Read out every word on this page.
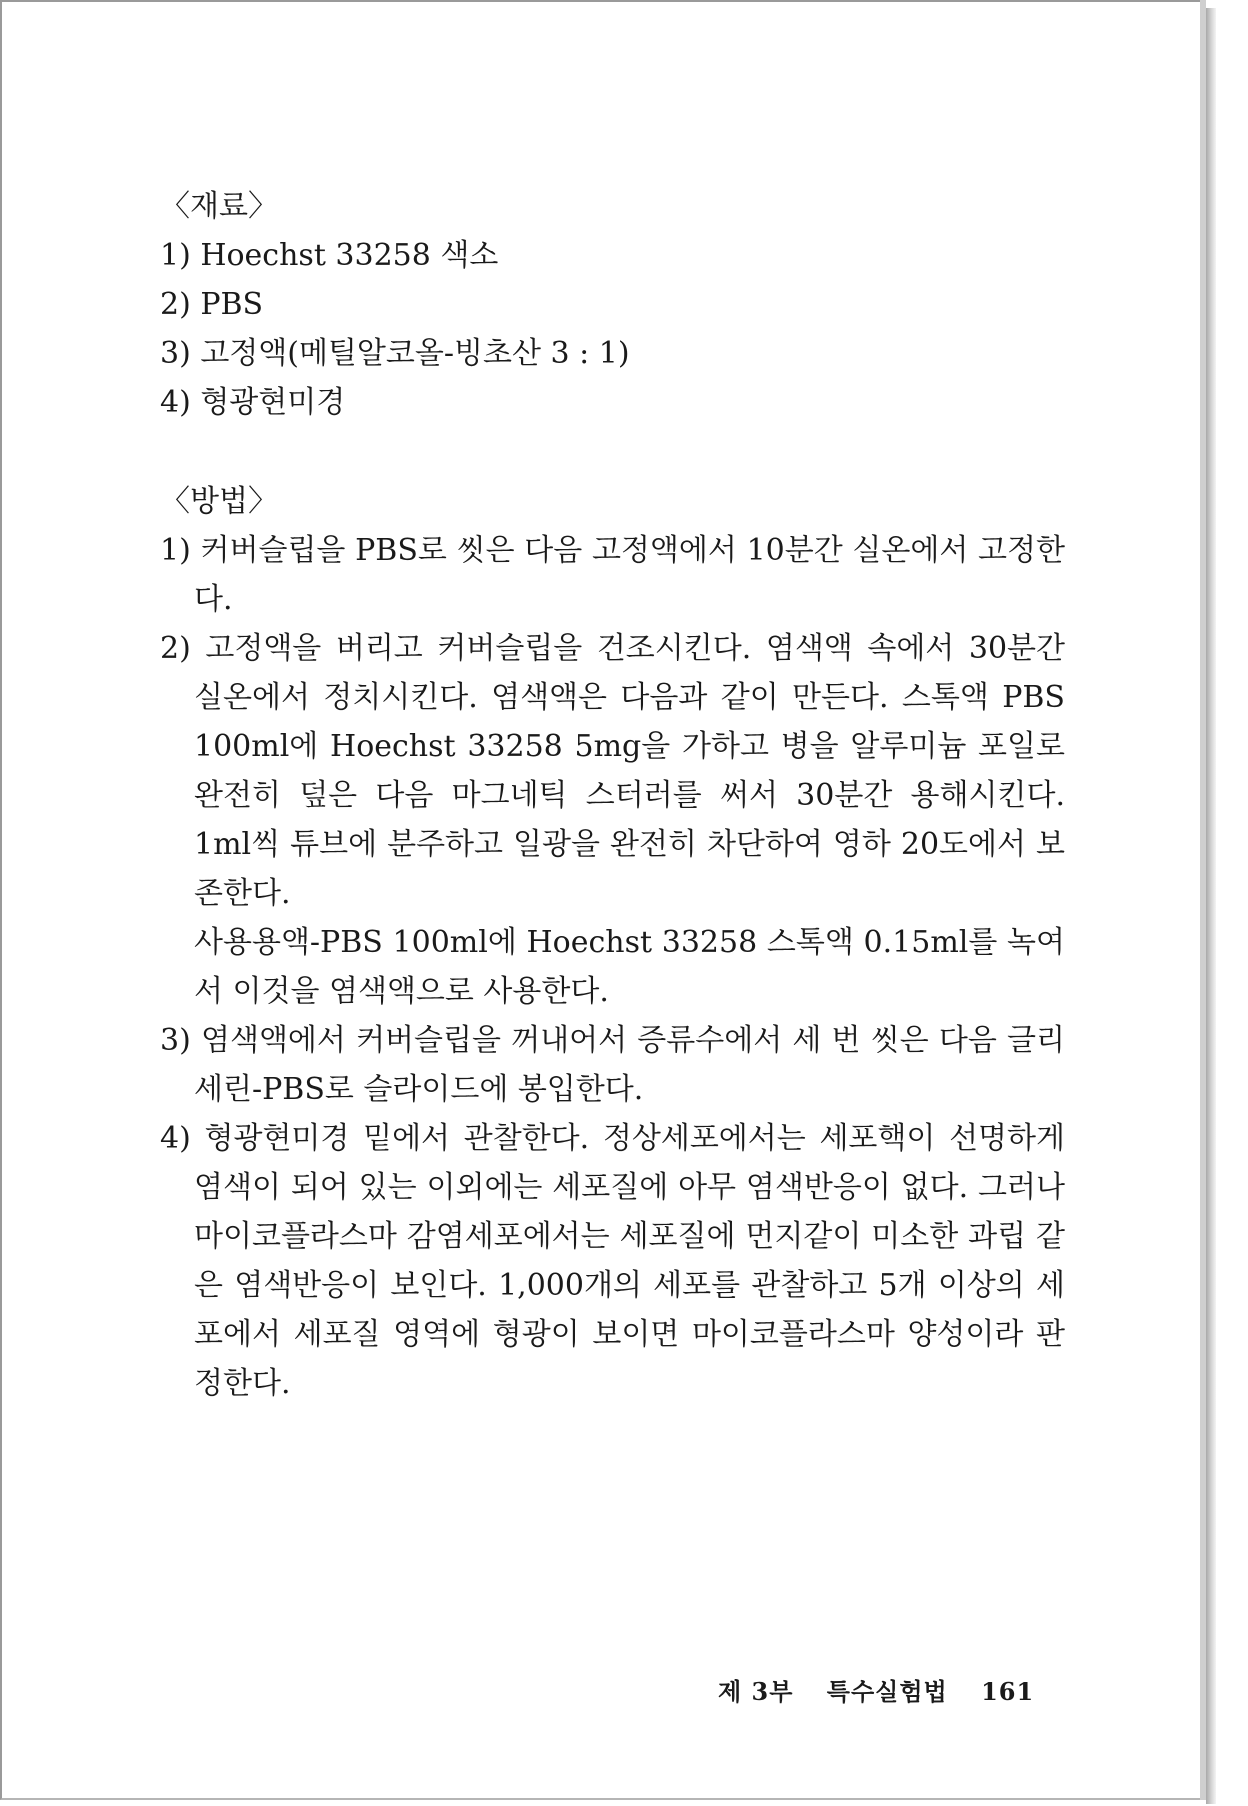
〈재료〉
1) Hoechst 33258 색소
2) PBS
3) 고정액(메틸알코올-빙초산 3 : 1)
4) 형광현미경
〈방법〉

1) 커버슬립을 PBS로 씻은 다음 고정액에서 10분간 실온에서 고정한다.

2) 고정액을 버리고 커버슬립을 건조시킨다. 염색액 속에서 30분간 실온에서 정치시킨다. 염색액은 다음과 같이 만든다. 스톡액 PBS 100ml에 Hoechst 33258 5mg을 가하고 병을 알루미늄 포일로 완전히 덮은 다음 마그네틱 스터러를 써서 30분간 용해시킨다. 1ml씩 튜브에 분주하고 일광을 완전히 차단하여 영하 20도에서 보존한다.

사용용액-PBS 100ml에 Hoechst 33258 스톡액 0.15ml를 녹여서 이것을 염색액으로 사용한다.

3) 염색액에서 커버슬립을 꺼내어서 증류수에서 세 번 씻은 다음 글리세린-PBS로 슬라이드에 봉입한다.

4) 형광현미경 밑에서 관찰한다. 정상세포에서는 세포핵이 선명하게 염색이 되어 있는 이외에는 세포질에 아무 염색반응이 없다. 그러나 마이코플라스마 감염세포에서는 세포질에 먼지같이 미소한 과립 같은 염색반응이 보인다. 1,000개의 세포를 관찰하고 5개 이상의 세포에서 세포질 영역에 형광이 보이면 마이코플라스마 양성이라 판정한다.

제 3부 특수실험법 161
